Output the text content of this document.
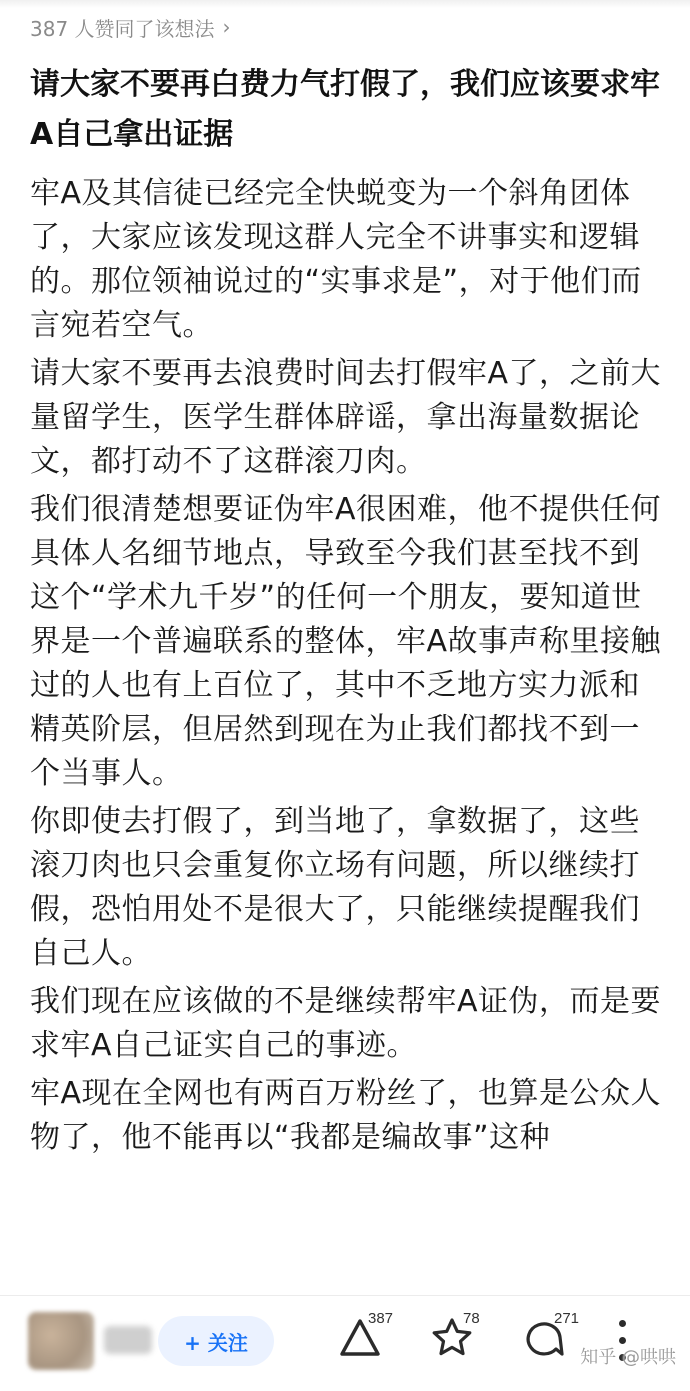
387 人赞同了该想法 ›
请大家不要再白费力气打假了，我们应该要求牢A自己拿出证据

牢A及其信徒已经完全快蜕变为一个斜角团体了，大家应该发现这群人完全不讲事实和逻辑的。那位领袖说过的“实事求是”，对于他们而言宛若空气。

请大家不要再去浪费时间去打假牢A了，之前大量留学生，医学生群体辟谣，拿出海量数据论文，都打动不了这群滚刀肉。

我们很清楚想要证伪牢A很困难，他不提供任何具体人名细节地点，导致至今我们甚至找不到这个“学术九千岁”的任何一个朋友，要知道世界是一个普遍联系的整体，牢A故事声称里接触过的人也有上百位了，其中不乏地方实力派和精英阶层，但居然到现在为止我们都找不到一个当事人。

你即使去打假了，到当地了，拿数据了，这些滚刀肉也只会重复你立场有问题，所以继续打假，恐怕用处不是很大了，只能继续提醒我们自己人。

我们现在应该做的不是继续帮牢A证伪，而是要求牢A自己证实自己的事迹。

牢A现在全网也有两百万粉丝了，也算是公众人物了，他不能再以“我都是编故事”这种

+ 关注
387	78	271
知乎 @哄哄
